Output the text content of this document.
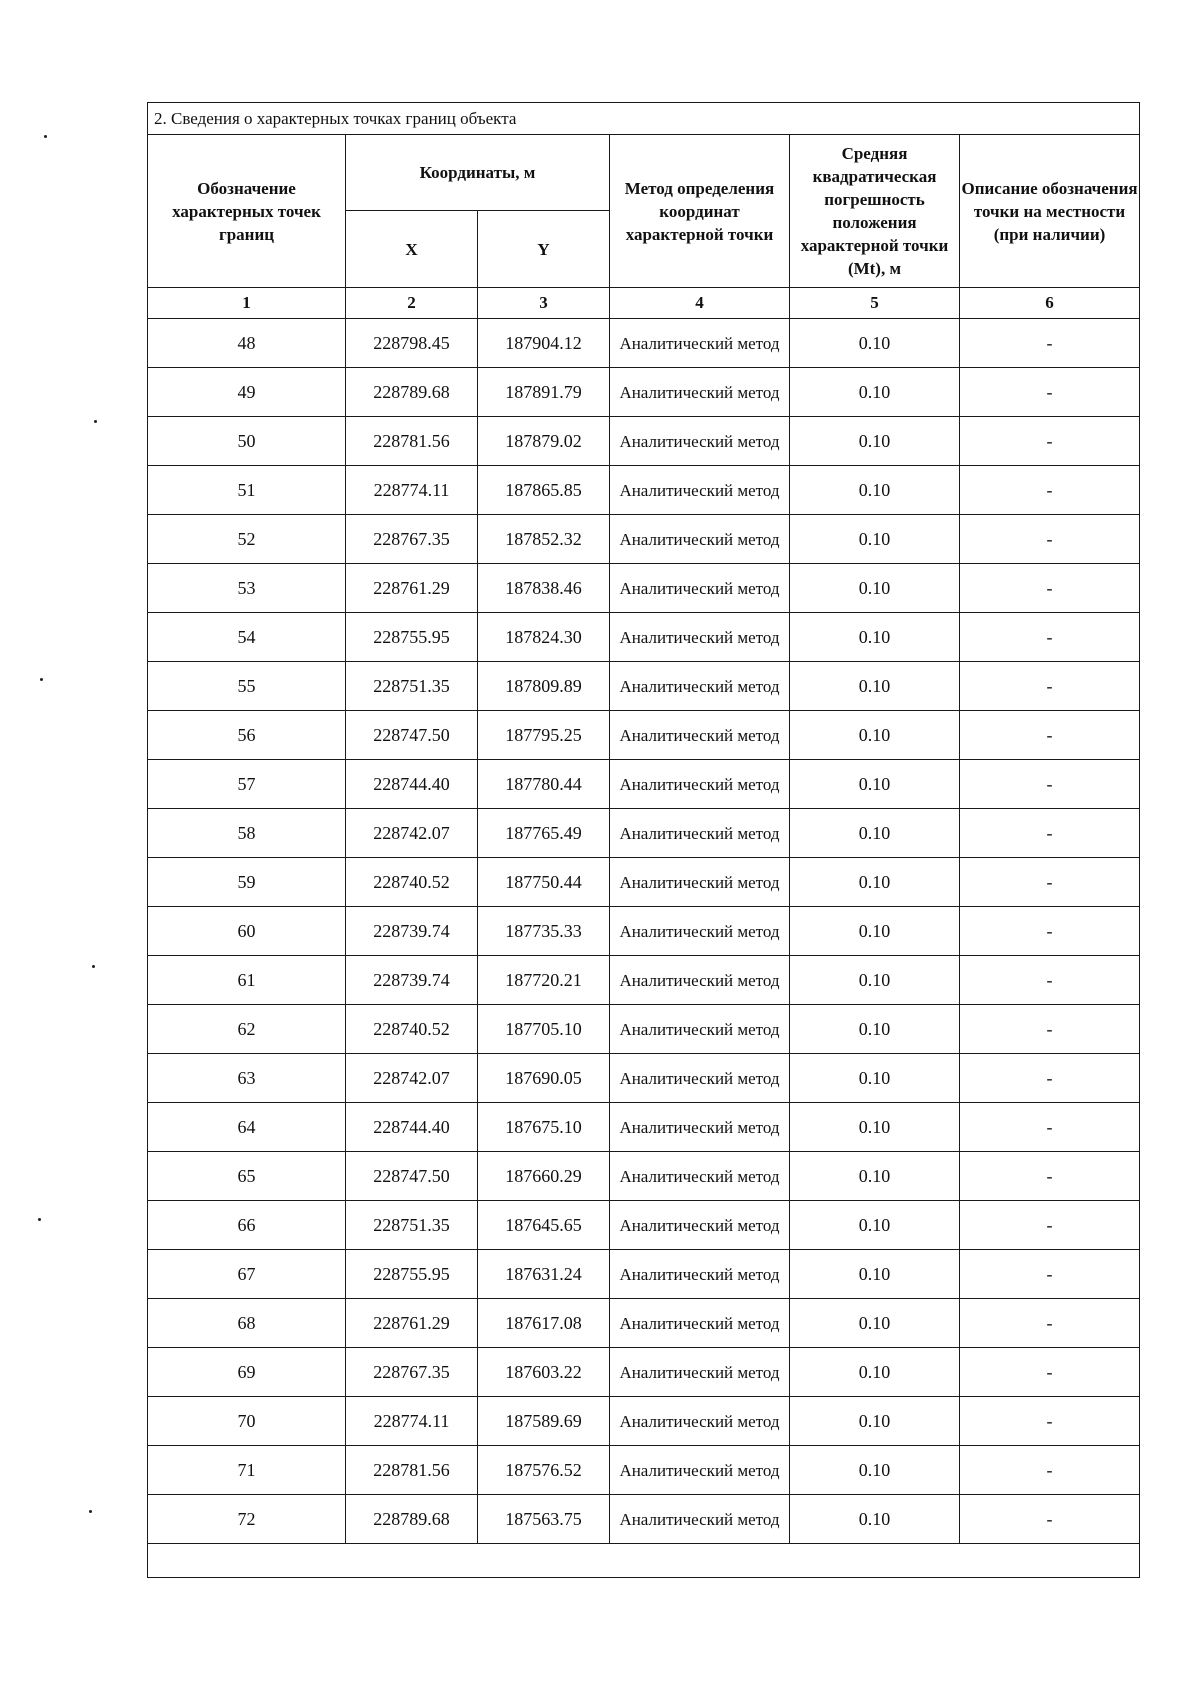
2. Сведения о характерных точках границ объекта					
Обозначение характерных точек границ	Координаты, м		Метод определения координат характерной точки	Средняя квадратическая погрешность положения характерной точки (Mt), м	Описание обозначения точки на местности (при наличии)
	X	Y			
1	2	3	4	5	6
48	228798.45	187904.12	Аналитический метод	0.10	-
49	228789.68	187891.79	Аналитический метод	0.10	-
50	228781.56	187879.02	Аналитический метод	0.10	-
51	228774.11	187865.85	Аналитический метод	0.10	-
52	228767.35	187852.32	Аналитический метод	0.10	-
53	228761.29	187838.46	Аналитический метод	0.10	-
54	228755.95	187824.30	Аналитический метод	0.10	-
55	228751.35	187809.89	Аналитический метод	0.10	-
56	228747.50	187795.25	Аналитический метод	0.10	-
57	228744.40	187780.44	Аналитический метод	0.10	-
58	228742.07	187765.49	Аналитический метод	0.10	-
59	228740.52	187750.44	Аналитический метод	0.10	-
60	228739.74	187735.33	Аналитический метод	0.10	-
61	228739.74	187720.21	Аналитический метод	0.10	-
62	228740.52	187705.10	Аналитический метод	0.10	-
63	228742.07	187690.05	Аналитический метод	0.10	-
64	228744.40	187675.10	Аналитический метод	0.10	-
65	228747.50	187660.29	Аналитический метод	0.10	-
66	228751.35	187645.65	Аналитический метод	0.10	-
67	228755.95	187631.24	Аналитический метод	0.10	-
68	228761.29	187617.08	Аналитический метод	0.10	-
69	228767.35	187603.22	Аналитический метод	0.10	-
70	228774.11	187589.69	Аналитический метод	0.10	-
71	228781.56	187576.52	Аналитический метод	0.10	-
72	228789.68	187563.75	Аналитический метод	0.10	-
